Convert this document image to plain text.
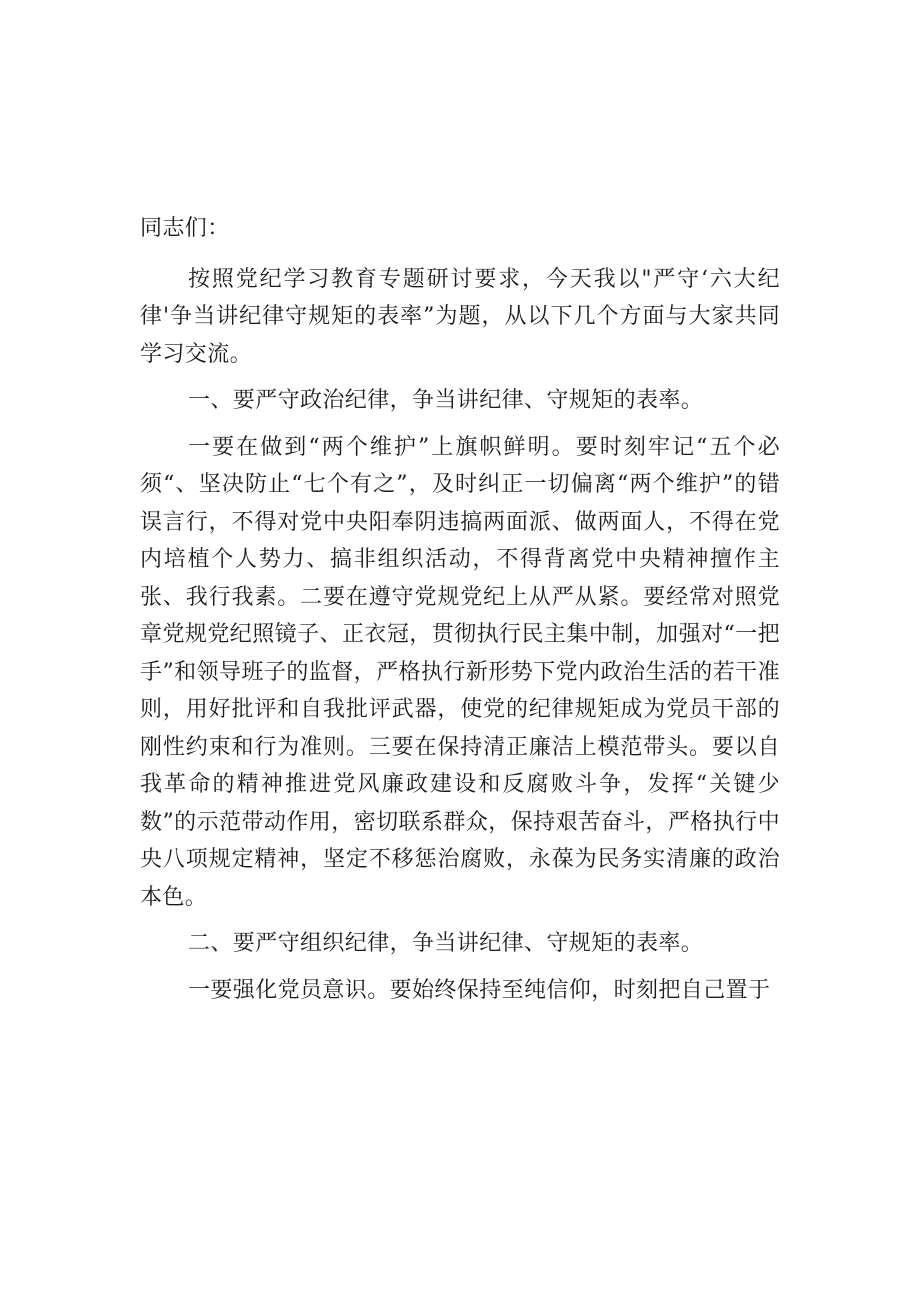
同志们：

按照党纪学习教育专题研讨要求，今天我以"严守‘六大纪律'争当讲纪律守规矩的表率”为题，从以下几个方面与大家共同学习交流。

一、要严守政治纪律，争当讲纪律、守规矩的表率。

一要在做到“两个维护”上旗帜鲜明。要时刻牢记“五个必须“、坚决防止“七个有之”，及时纠正一切偏离“两个维护”的错误言行，不得对党中央阳奉阴违搞两面派、做两面人，不得在党内培植个人势力、搞非组织活动，不得背离党中央精神擅作主张、我行我素。二要在遵守党规党纪上从严从紧。要经常对照党章党规党纪照镜子、正衣冠，贯彻执行民主集中制，加强对“一把手”和领导班子的监督，严格执行新形势下党内政治生活的若干准则，用好批评和自我批评武器，使党的纪律规矩成为党员干部的刚性约束和行为准则。三要在保持清正廉洁上模范带头。要以自我革命的精神推进党风廉政建设和反腐败斗争，发挥“关键少数”的示范带动作用，密切联系群众，保持艰苦奋斗，严格执行中央八项规定精神，坚定不移惩治腐败，永葆为民务实清廉的政治本色。

二、要严守组织纪律，争当讲纪律、守规矩的表率。

一要强化党员意识。要始终保持至纯信仰，时刻把自己置于
